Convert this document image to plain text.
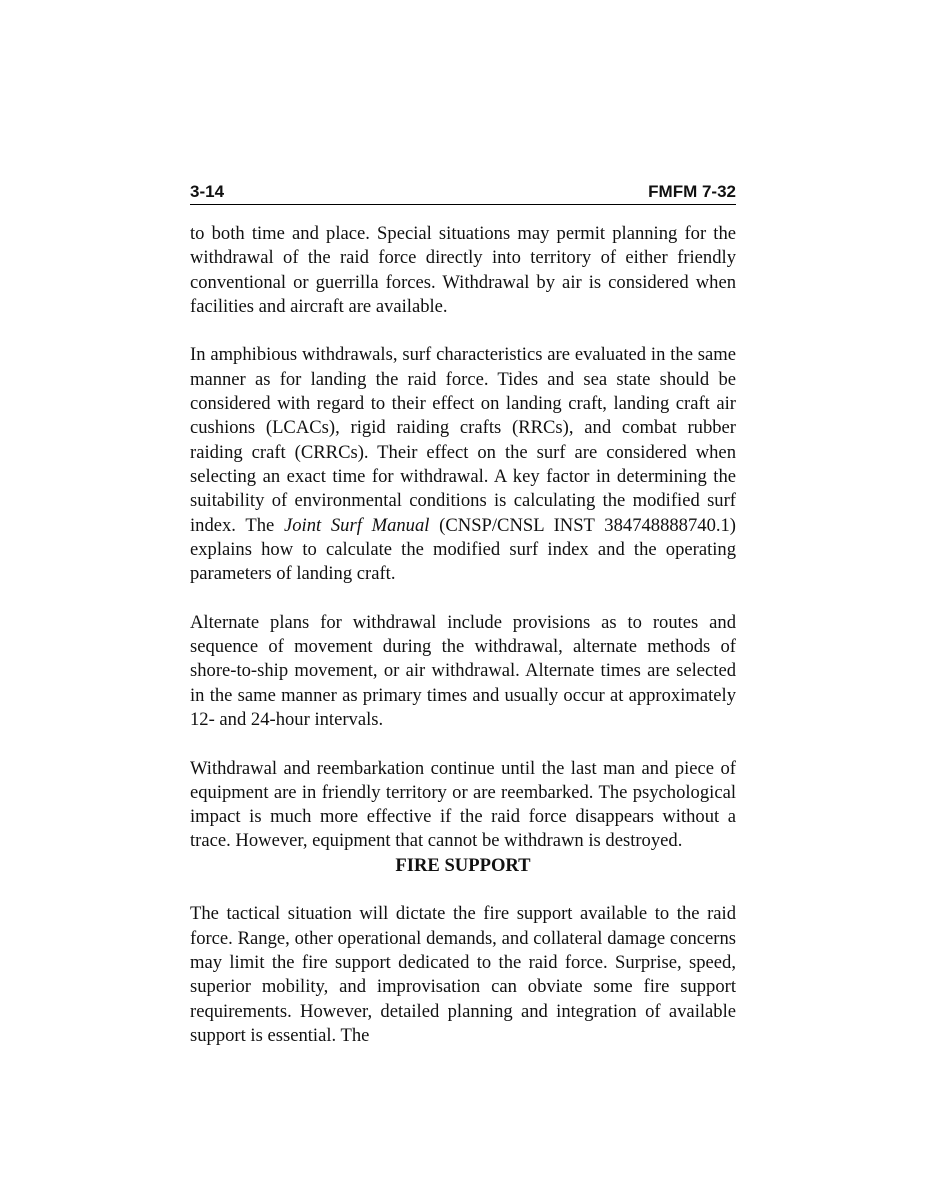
3-14	FMFM 7-32

to both time and place. Special situations may permit planning for the withdrawal of the raid force directly into territory of either friendly conventional or guerrilla forces. Withdrawal by air is considered when facilities and aircraft are available.

In amphibious withdrawals, surf characteristics are evaluated in the same manner as for landing the raid force. Tides and sea state should be considered with regard to their effect on landing craft, landing craft air cushions (LCACs), rigid raiding crafts (RRCs), and combat rubber raiding craft (CRRCs). Their effect on the surf are considered when selecting an exact time for withdrawal. A key factor in determining the suitability of environmental conditions is calculating the modified surf index. The Joint Surf Manual (CNSP/CNSL INST 384748888740.1) explains how to calculate the modified surf index and the operating parameters of landing craft.

Alternate plans for withdrawal include provisions as to routes and sequence of movement during the withdrawal, alternate methods of shore-to-ship movement, or air withdrawal. Alternate times are selected in the same manner as primary times and usually occur at approximately 12- and 24-hour intervals.

Withdrawal and reembarkation continue until the last man and piece of equipment are in friendly territory or are reembarked. The psychological impact is much more effective if the raid force disappears without a trace. However, equipment that cannot be withdrawn is destroyed.

FIRE SUPPORT

The tactical situation will dictate the fire support available to the raid force. Range, other operational demands, and collateral damage concerns may limit the fire support dedicated to the raid force. Surprise, speed, superior mobility, and improvisation can obviate some fire support requirements. However, detailed planning and integration of available support is essential. The
